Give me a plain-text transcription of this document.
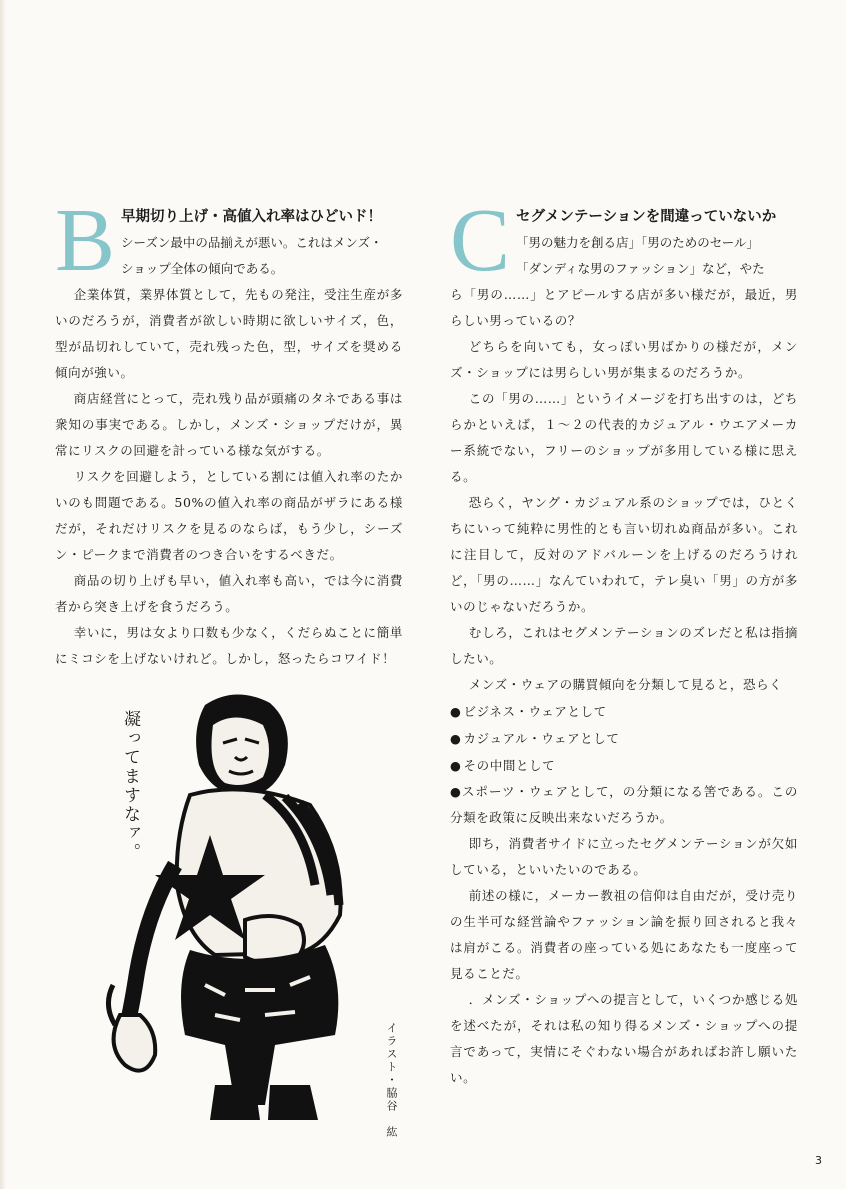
B 早期切り上げ・高値入れ率はひどいド！
シーズン最中の品揃えが悪い。これはメンズ・
ショップ全体の傾向である。

企業体質，業界体質として，先もの発注，受注生産が多いのだろうが，消費者が欲しい時期に欲しいサイズ，色，型が品切れしていて，売れ残った色，型，サイズを奨める傾向が強い。

商店経営にとって，売れ残り品が頭痛のタネである事は衆知の事実である。しかし，メンズ・ショップだけが，異常にリスクの回避を計っている様な気がする。

リスクを回避しよう，としている割には値入れ率のたかいのも問題である。50%の値入れ率の商品がザラにある様だが，それだけリスクを見るのならば，もう少し，シーズン・ピークまで消費者のつき合いをするべきだ。

商品の切り上げも早い，値入れ率も高い，では今に消費者から突き上げを食うだろう。

幸いに，男は女より口数も少なく，くだらぬことに簡単にミコシを上げないけれど。しかし，怒ったらコワイド！

凝ってますなァ。
イラスト・脇谷　紘
C セグメンテーションを間違っていないか
「男の魅力を創る店」「男のためのセール」
「ダンディな男のファッション」など，やた

ら「男の……」とアピールする店が多い様だが，最近，男らしい男っているの？

どちらを向いても，女っぽい男ばかりの様だが，メンズ・ショップには男らしい男が集まるのだろうか。

この「男の……」というイメージを打ち出すのは，どちらかといえば，１～２の代表的カジュアル・ウエアメーカー系統でない，フリーのショップが多用している様に思える。

恐らく，ヤング・カジュアル系のショップでは，ひとくちにいって純粋に男性的とも言い切れぬ商品が多い。これに注目して，反対のアドバルーンを上げるのだろうけれど，「男の……」なんていわれて，テレ臭い「男」の方が多いのじゃないだろうか。

むしろ，これはセグメンテーションのズレだと私は指摘したい。

メンズ・ウェアの購買傾向を分類して見ると，恐らく

● ビジネス・ウェアとして

● カジュアル・ウェアとして

● その中間として

●スポーツ・ウェアとして，の分類になる筈である。この分類を政策に反映出来ないだろうか。

即ち，消費者サイドに立ったセグメンテーションが欠如している，といいたいのである。

前述の様に，メーカー教祖の信仰は自由だが，受け売りの生半可な経営論やファッション論を振り回されると我々は肩がこる。消費者の座っている処にあなたも一度座って見ることだ。

．メンズ・ショップへの提言として，いくつか感じる処を述べたが，それは私の知り得るメンズ・ショップへの提言であって，実情にそぐわない場合があればお許し願いたい。

3
